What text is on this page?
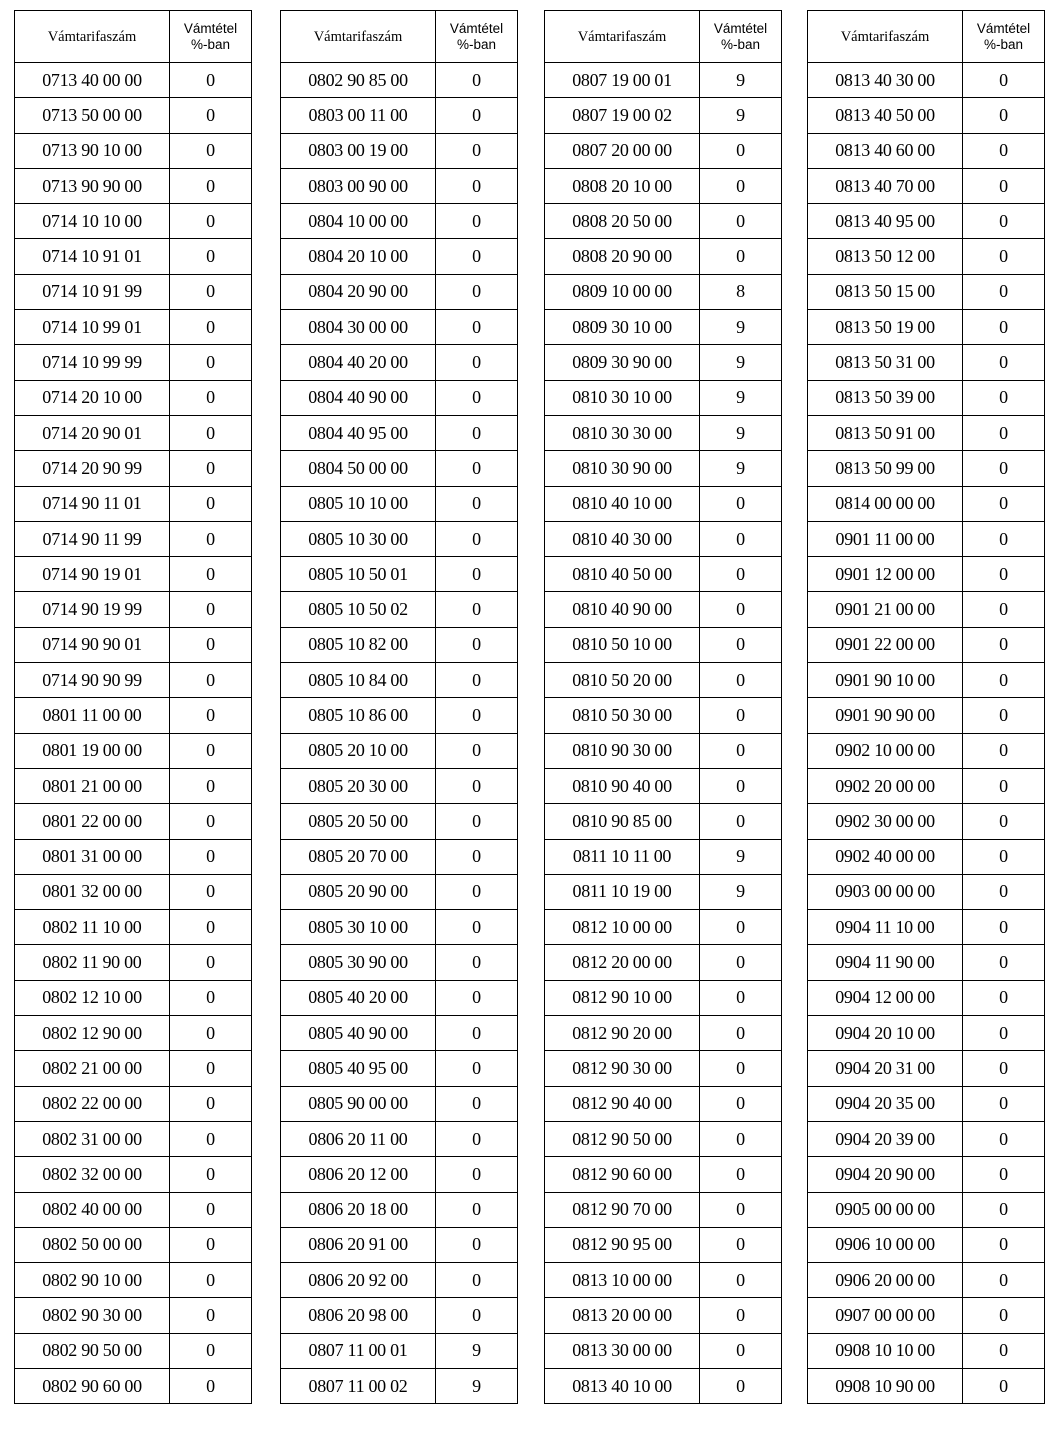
Vámtarifaszám	Vámtétel
%-ban
0713 40 00 00	0
0713 50 00 00	0
0713 90 10 00	0
0713 90 90 00	0
0714 10 10 00	0
0714 10 91 01	0
0714 10 91 99	0
0714 10 99 01	0
0714 10 99 99	0
0714 20 10 00	0
0714 20 90 01	0
0714 20 90 99	0
0714 90 11 01	0
0714 90 11 99	0
0714 90 19 01	0
0714 90 19 99	0
0714 90 90 01	0
0714 90 90 99	0
0801 11 00 00	0
0801 19 00 00	0
0801 21 00 00	0
0801 22 00 00	0
0801 31 00 00	0
0801 32 00 00	0
0802 11 10 00	0
0802 11 90 00	0
0802 12 10 00	0
0802 12 90 00	0
0802 21 00 00	0
0802 22 00 00	0
0802 31 00 00	0
0802 32 00 00	0
0802 40 00 00	0
0802 50 00 00	0
0802 90 10 00	0
0802 90 30 00	0
0802 90 50 00	0
0802 90 60 00	0
Vámtarifaszám	Vámtétel
%-ban
0802 90 85 00	0
0803 00 11 00	0
0803 00 19 00	0
0803 00 90 00	0
0804 10 00 00	0
0804 20 10 00	0
0804 20 90 00	0
0804 30 00 00	0
0804 40 20 00	0
0804 40 90 00	0
0804 40 95 00	0
0804 50 00 00	0
0805 10 10 00	0
0805 10 30 00	0
0805 10 50 01	0
0805 10 50 02	0
0805 10 82 00	0
0805 10 84 00	0
0805 10 86 00	0
0805 20 10 00	0
0805 20 30 00	0
0805 20 50 00	0
0805 20 70 00	0
0805 20 90 00	0
0805 30 10 00	0
0805 30 90 00	0
0805 40 20 00	0
0805 40 90 00	0
0805 40 95 00	0
0805 90 00 00	0
0806 20 11 00	0
0806 20 12 00	0
0806 20 18 00	0
0806 20 91 00	0
0806 20 92 00	0
0806 20 98 00	0
0807 11 00 01	9
0807 11 00 02	9
Vámtarifaszám	Vámtétel
%-ban
0807 19 00 01	9
0807 19 00 02	9
0807 20 00 00	0
0808 20 10 00	0
0808 20 50 00	0
0808 20 90 00	0
0809 10 00 00	8
0809 30 10 00	9
0809 30 90 00	9
0810 30 10 00	9
0810 30 30 00	9
0810 30 90 00	9
0810 40 10 00	0
0810 40 30 00	0
0810 40 50 00	0
0810 40 90 00	0
0810 50 10 00	0
0810 50 20 00	0
0810 50 30 00	0
0810 90 30 00	0
0810 90 40 00	0
0810 90 85 00	0
0811 10 11 00	9
0811 10 19 00	9
0812 10 00 00	0
0812 20 00 00	0
0812 90 10 00	0
0812 90 20 00	0
0812 90 30 00	0
0812 90 40 00	0
0812 90 50 00	0
0812 90 60 00	0
0812 90 70 00	0
0812 90 95 00	0
0813 10 00 00	0
0813 20 00 00	0
0813 30 00 00	0
0813 40 10 00	0
Vámtarifaszám	Vámtétel
%-ban
0813 40 30 00	0
0813 40 50 00	0
0813 40 60 00	0
0813 40 70 00	0
0813 40 95 00	0
0813 50 12 00	0
0813 50 15 00	0
0813 50 19 00	0
0813 50 31 00	0
0813 50 39 00	0
0813 50 91 00	0
0813 50 99 00	0
0814 00 00 00	0
0901 11 00 00	0
0901 12 00 00	0
0901 21 00 00	0
0901 22 00 00	0
0901 90 10 00	0
0901 90 90 00	0
0902 10 00 00	0
0902 20 00 00	0
0902 30 00 00	0
0902 40 00 00	0
0903 00 00 00	0
0904 11 10 00	0
0904 11 90 00	0
0904 12 00 00	0
0904 20 10 00	0
0904 20 31 00	0
0904 20 35 00	0
0904 20 39 00	0
0904 20 90 00	0
0905 00 00 00	0
0906 10 00 00	0
0906 20 00 00	0
0907 00 00 00	0
0908 10 10 00	0
0908 10 90 00	0
